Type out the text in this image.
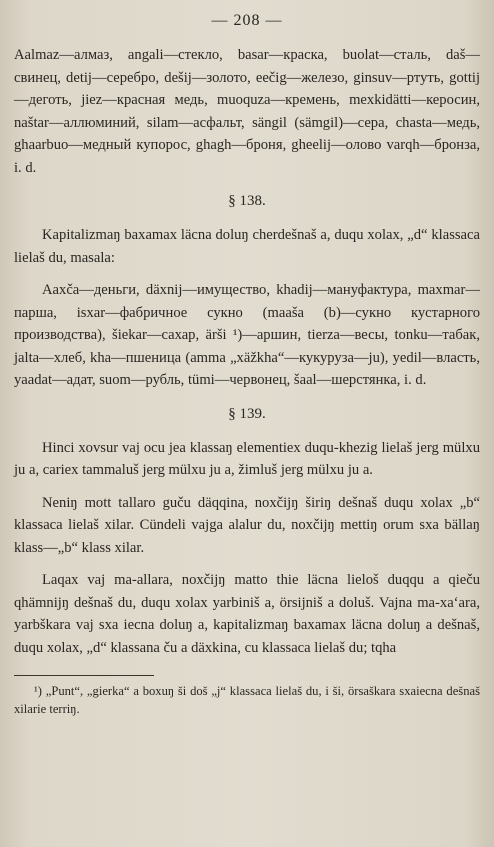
— 208 —

Aalmaz—алмаз, angali—стекло, basar—краска, buolat—сталь, daš—свинец, detij—серебро, dešij—золото, eečig—железо, ginsuv—ртуть, gottij—деготь, jiez—красная медь, muoquza—кремень, mexkidätti—керосин, naštar—аллюминий, silam—асфальт, sängil (sämgil)—сера, chasta—медь, ghaarbuo—медный купорос, ghagh—броня, gheelij—олово varqh—бронза, i. d.

§ 138.

Kapitalizmaŋ baxamax läcna doluŋ cherdešnaš a, duqu xolax, „d“ klassaca lielaš du, masala:

Aaxča—деньги, däxnij—имущество, khadij—мануфактура, maxmar—парша, isxar—фабричное сукно (maaša (b)—сукно кустарного производства), šiekar—сахар, ärši ¹)—аршин, tierza—весы, tonku—табак, jalta—хлеб, kha—пшеница (amma „xäžkha“—кукуруза—ju), yedil—власть, yaadat—адат, suom—рубль, tümi—червонец, šaal—шерстянка, i. d.

§ 139.

Hinci xovsur vaj ocu jea klassaŋ elementiex duqu-khezig lielaš jerg mülxu ju a, cariex tammaluš jerg mülxu ju a, žimluš jerg mülxu ju a.

Neniŋ mott tallaro guču däqqina, noxčijŋ širiŋ dešnaš duqu xolax „b“ klassaca lielaš xilar. Cündeli vajga alalur du, noxčijŋ mettiŋ orum sxa bällaŋ klass—„b“ klass xilar.

Laqax vaj ma-allara, noxčijŋ matto thie läcna lieloš duqqu a qieču qhämnijŋ dešnaš du, duqu xolax yarbiniš a, örsijniš a doluš. Vajna ma-xa‘ara, yarbškara vaj sxa iecna doluŋ a, kapitalizmaŋ baxamax läcna doluŋ a dešnaš, duqu xolax, „d“ klassana ču a däxkina, cu klassaca lielaš du; tqha

¹) „Punt“, „gierka“ a boxuŋ ši doš „j“ klassaca lielaš du, i ši, örsaškara sxaiecna dešnaš xilarie terriŋ.
